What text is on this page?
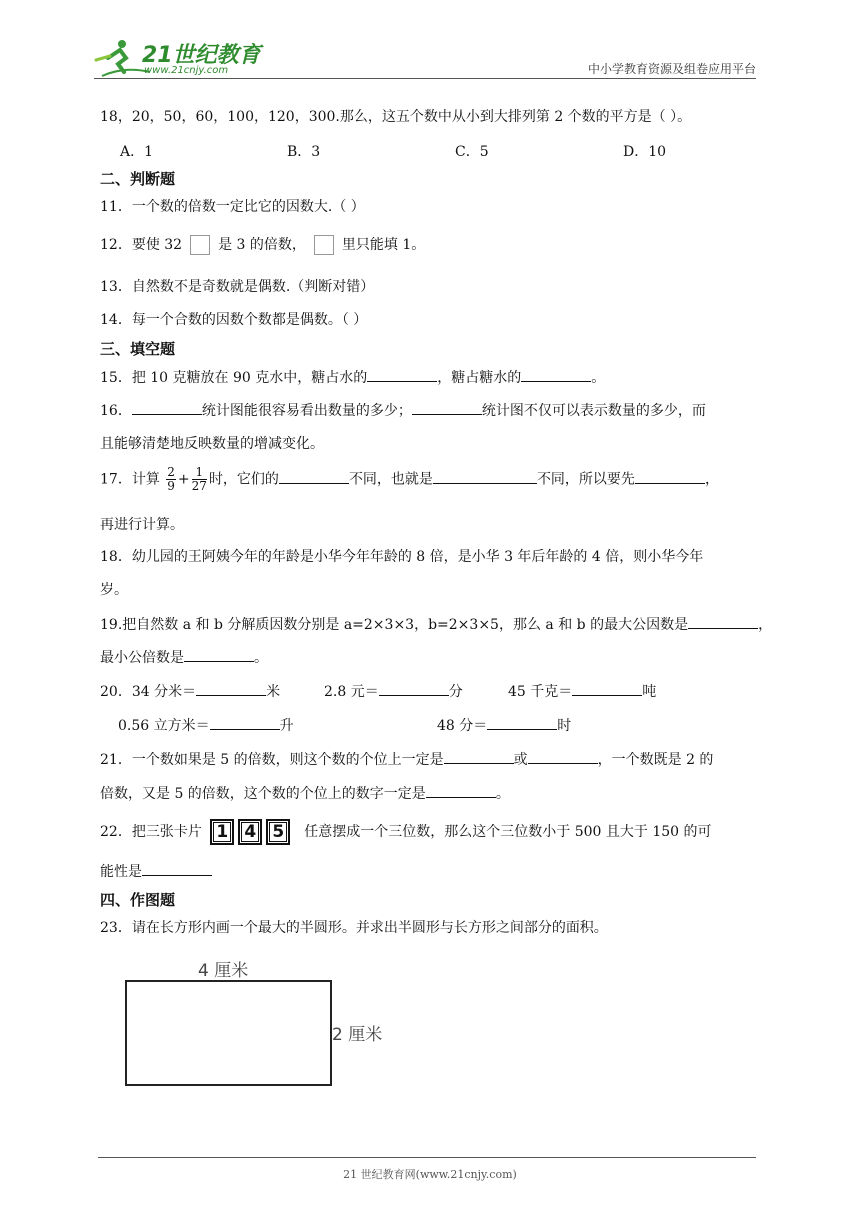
21世纪教育
www.21cnjy.com	中小学教育资源及组卷应用平台
18，20，50，60，100，120，300.那么，这五个数中从小到大排列第 2 个数的平方是（ ）。
A．1	B．3	C．5	D．10
二、判断题
11．一个数的倍数一定比它的因数大.（ ）
12．要使 32	是 3 的倍数，	里只能填 1。
13．自然数不是奇数就是偶数.（判断对错）
14．每一个合数的因数个数都是偶数。（ ）
三、填空题
15．把 10 克糖放在 90 克水中，糖占水的	，糖占糖水的	。
16．	统计图能很容易看出数量的多少；	统计图不仅可以表示数量的多少，而
且能够清楚地反映数量的增减变化。
17．计算 $\frac{2}{9} + \frac{1}{27}$ 时，它们的	不同，也就是	不同，所以要先	，
再进行计算。
18．幼儿园的王阿姨今年的年龄是小华今年年龄的 8 倍，是小华 3 年后年龄的 4 倍，则小华今年
岁。
19.把自然数 a 和 b 分解质因数分别是 a=2×3×3，b=2×3×5，那么 a 和 b 的最大公因数是	，
最小公倍数是	。
20．34 分米＝	米	2.8 元＝	分	45 千克＝	吨
0.56 立方米＝	升	48 分＝	时
21．一个数如果是 5 的倍数，则这个数的个位上一定是	或	，一个数既是 2 的
倍数，又是 5 的倍数，这个数的个位上的数字一定是	。
22．把三张卡片 1 4 5 任意摆成一个三位数，那么这个三位数小于 500 且大于 150 的可
能性是
四、作图题
23．请在长方形内画一个最大的半圆形。并求出半圆形与长方形之间部分的面积。
4 厘米
2 厘米
21 世纪教育网(www.21cnjy.com)
